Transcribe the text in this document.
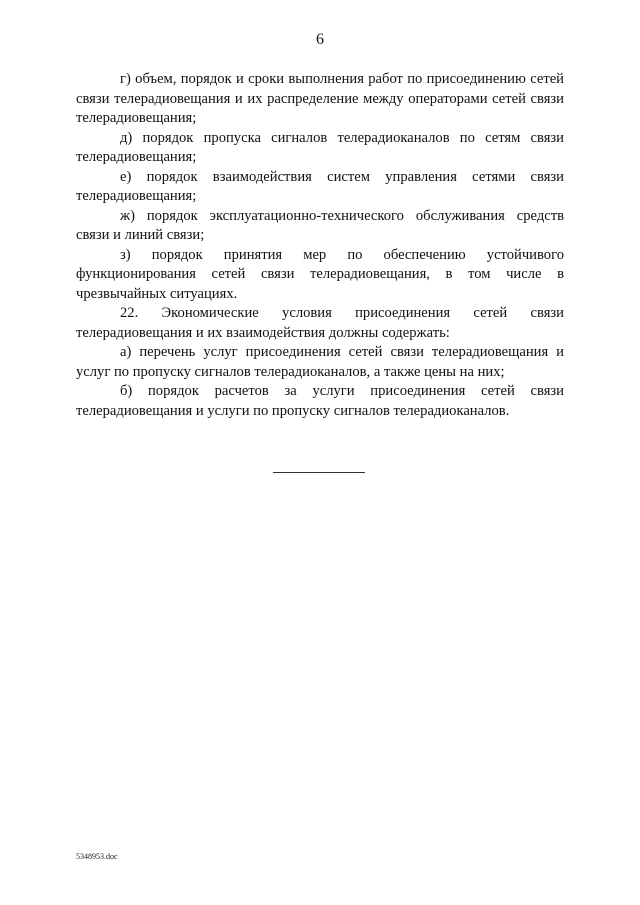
6

г) объем, порядок и сроки выполнения работ по присоединению сетей связи телерадиовещания и их распределение между операторами сетей связи телерадиовещания;

д) порядок пропуска сигналов телерадиоканалов по сетям связи телерадиовещания;

е) порядок взаимодействия систем управления сетями связи телерадиовещания;

ж) порядок эксплуатационно-технического обслуживания средств связи и линий связи;

з) порядок принятия мер по обеспечению устойчивого функционирования сетей связи телерадиовещания, в том числе в чрезвычайных ситуациях.

22. Экономические условия присоединения сетей связи телерадиовещания и их взаимодействия должны содержать:

а) перечень услуг присоединения сетей связи телерадиовещания и услуг по пропуску сигналов телерадиоканалов, а также цены на них;

б) порядок расчетов за услуги присоединения сетей связи телерадиовещания и услуги по пропуску сигналов телерадиоканалов.

5348953.doc
